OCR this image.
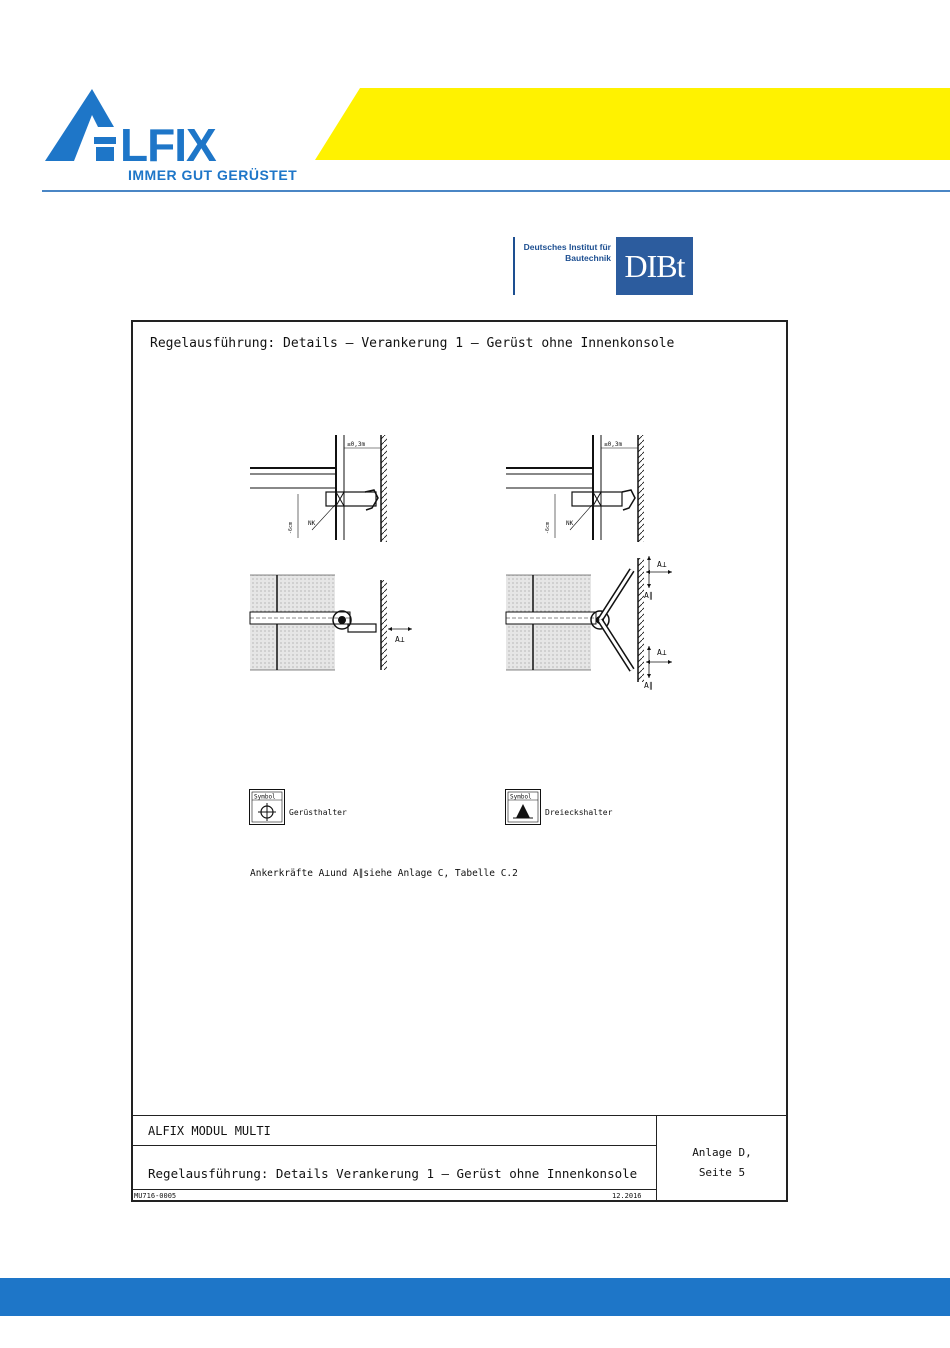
LFIX
IMMER GUT GERÜSTET
Deutsches Institut für Bautechnik DIBt
Regelausführung: Details – Verankerung 1 – Gerüst ohne Innenkonsole
≤0,3m
NK
-6cm
≤0,3m
NK
-6cm
A⊥
A⊥
A∥
A⊥
A∥
Symbol
Gerüsthalter
Symbol
Dreieckshalter
Ankerkräfte A⊥und A∥siehe Anlage C, Tabelle C.2
ALFIX MODUL MULTI
Regelausführung: Details Verankerung 1 – Gerüst ohne Innenkonsole
MU716-0005	12.2016
Anlage D,
Seite 5
